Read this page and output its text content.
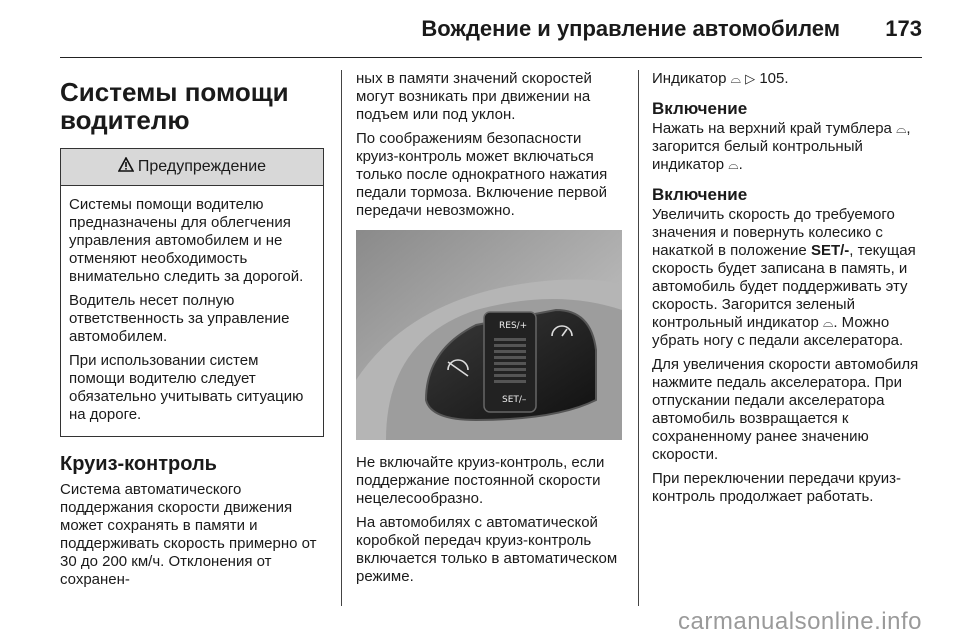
Вождение и управление автомобилем 173
Системы помощи водителю
Предупреждение

Системы помощи водителю предназначены для облегчения управления автомобилем и не отменяют необходимость внимательно следить за дорогой.

Водитель несет полную ответственность за управление автомобилем.

При использовании систем помощи водителю следует обязательно учитывать ситуацию на дороге.

Круиз-контроль

Система автоматического поддержания скорости движения может сохранять в памяти и поддерживать скорость примерно от 30 до 200 км/ч. Отклонения от сохранен-

ных в памяти значений скоростей могут возникать при движении на подъем или под уклон.

По соображениям безопасности круиз-контроль может включаться только после однократного нажатия педали тормоза. Включение первой передачи невозможно.

RES/+
SET/–

Не включайте круиз-контроль, если поддержание постоянной скорости нецелесообразно.

На автомобилях с автоматической коробкой передач круиз-контроль включается только в автоматическом режиме.

Индикатор ⌓ ▷ 105.

Включение

Нажать на верхний край тумблера ⌓, загорится белый контрольный индикатор ⌓.

Включение

Увеличить скорость до требуемого значения и повернуть колесико с накаткой в положение SET/-, текущая скорость будет записана в память, и автомобиль будет поддерживать эту скорость. Загорится зеленый контрольный индикатор ⌓. Можно убрать ногу с педали акселератора.

Для увеличения скорости автомобиля нажмите педаль акселератора. При отпускании педали акселератора автомобиль возвращается к сохраненному ранее значению скорости.

При переключении передачи круиз-контроль продолжает работать.

carmanualsonline.info
